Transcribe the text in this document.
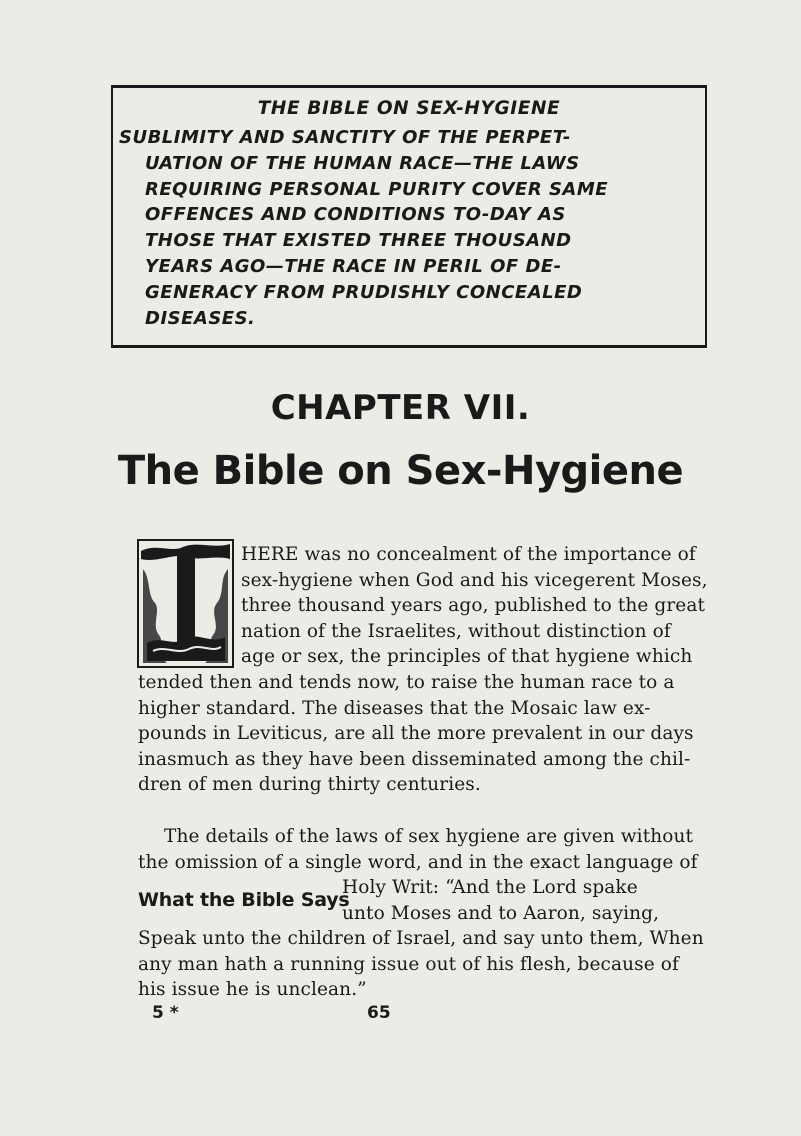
THE BIBLE ON SEX-HYGIENE
SUBLIMITY AND SANCTITY OF THE PERPET-
UATION OF THE HUMAN RACE—THE LAWS
REQUIRING PERSONAL PURITY COVER SAME
OFFENCES AND CONDITIONS TO-DAY AS
THOSE THAT EXISTED THREE THOUSAND
YEARS AGO—THE RACE IN PERIL OF DE-
GENERACY FROM PRUDISHLY CONCEALED
DISEASES.
CHAPTER VII.
The Bible on Sex-Hygiene
HERE was no concealment of the importance of
sex-hygiene when God and his vicegerent Moses,
three thousand years ago, published to the great
nation of the Israelites, without distinction of
age or sex, the principles of that hygiene which
tended then and tends now, to raise the human race to a
higher standard. The diseases that the Mosaic law ex-
pounds in Leviticus, are all the more prevalent in our days
inasmuch as they have been disseminated among the chil-
dren of men during thirty centuries.
The details of the laws of sex hygiene are given without
the omission of a single word, and in the exact language of
What the Bible Says
Holy Writ: “And the Lord spake
unto Moses and to Aaron, saying,
Speak unto the children of Israel, and say unto them, When
any man hath a running issue out of his flesh, because of
his issue he is unclean.”
5 *	65
